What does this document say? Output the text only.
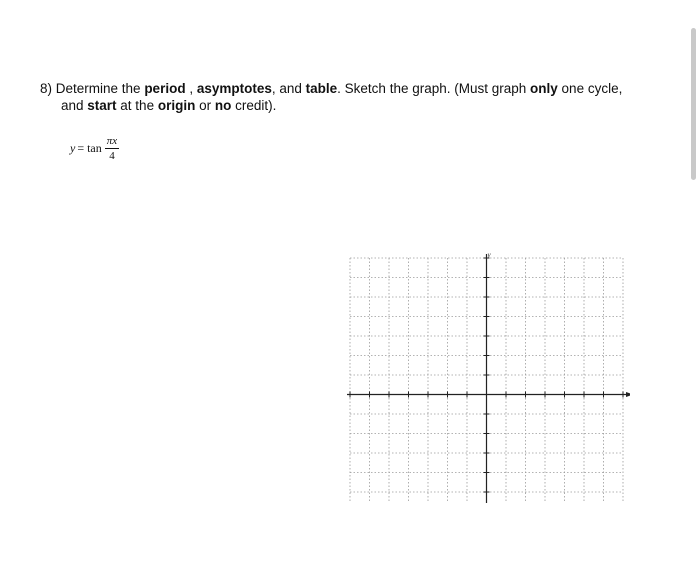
8) Determine the period , asymptotes, and table. Sketch the graph. (Must graph only one cycle,
and start at the origin or no credit).
$y = \tan \frac{\pi x}{4}$
y
